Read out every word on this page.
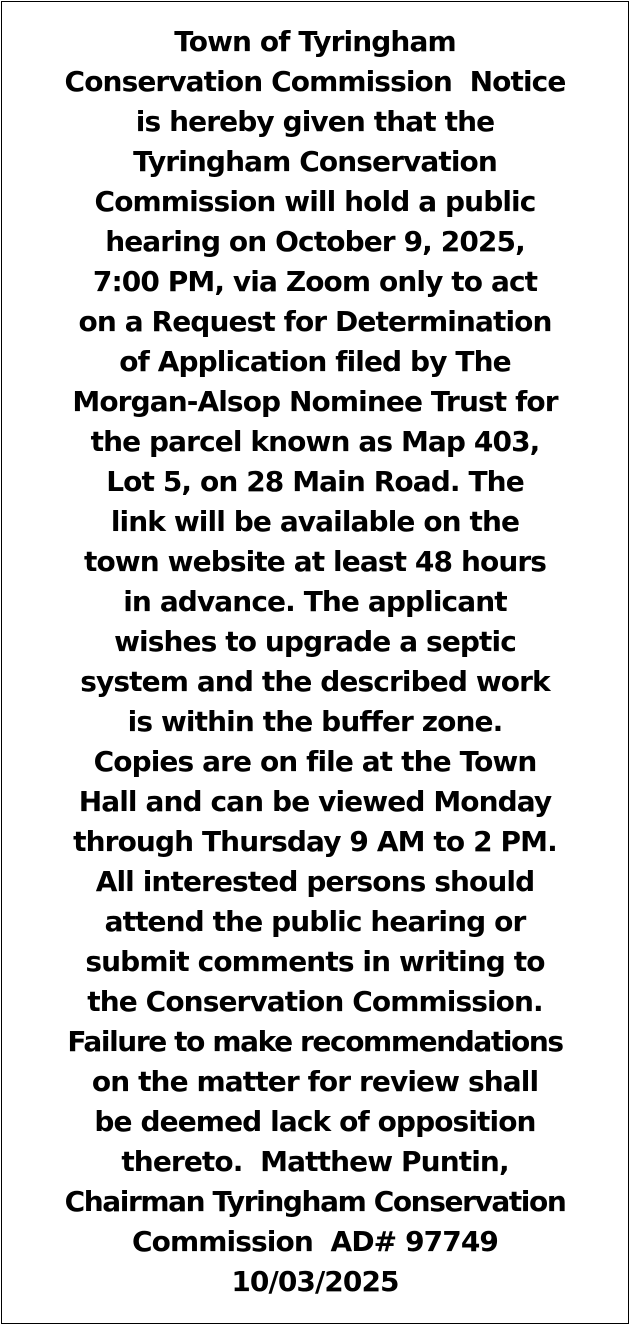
Town of Tyringham
Conservation Commission  Notice
is hereby given that the
Tyringham Conservation
Commission will hold a public
hearing on October 9, 2025,
7:00 PM, via Zoom only to act
on a Request for Determination
of Application filed by The
Morgan-Alsop Nominee Trust for
the parcel known as Map 403,
Lot 5, on 28 Main Road. The
link will be available on the
town website at least 48 hours
in advance. The applicant
wishes to upgrade a septic
system and the described work
is within the buffer zone.
Copies are on file at the Town
Hall and can be viewed Monday
through Thursday 9 AM to 2 PM.
All interested persons should
attend the public hearing or
submit comments in writing to
the Conservation Commission.
Failure to make recommendations
on the matter for review shall
be deemed lack of opposition
thereto.  Matthew Puntin,
Chairman Tyringham Conservation
Commission  AD# 97749
10/03/2025
